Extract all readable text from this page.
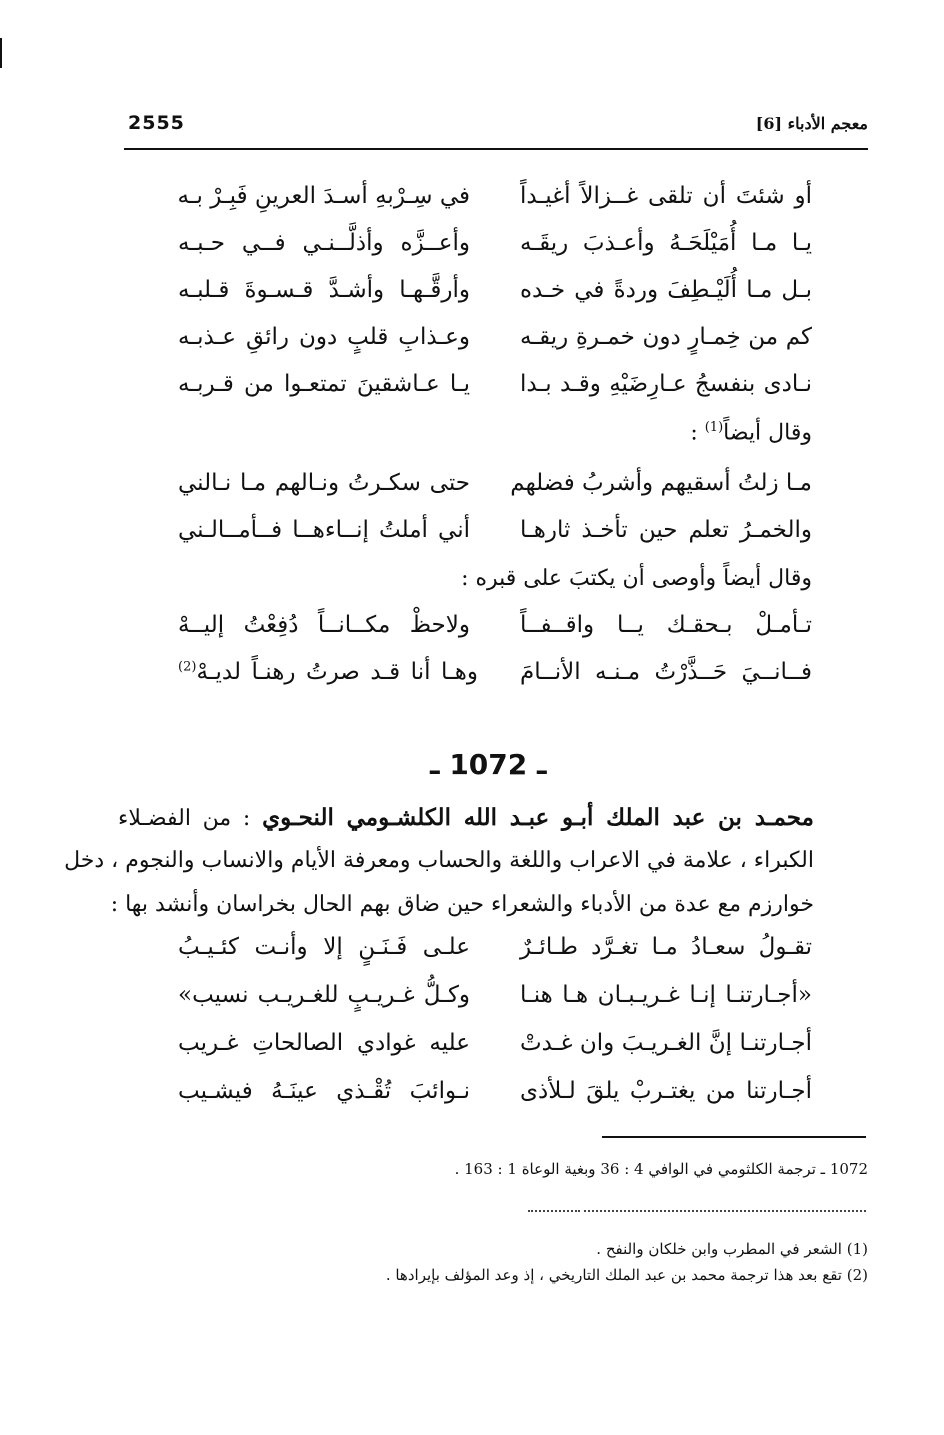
2555	معجم الأدباء [6]
أو شئتَ أن تلقى غــزالاً أغيـداً
في سِـرْبهِ أسـدَ العرينِ فَبِـرْ بـه
يـا مـا أُمَيْلَحَـهُ وأعـذبَ ريقَـه
وأعــزَّه وأذلَّــنـي فــي حـبـه
بـل مـا أُلَيْـطِفَ وردةً في خـده
وأرقَّـهـا وأشـدَّ قـسـوةَ قـلبـه
كم من خِمـارٍ دون خمـرةِ ريقـه
وعـذابِ قلبٍ دون رائقِ عـذبـه
نـادى بنفسجُ عـارِضَيْهِ وقـد بـدا
يـا عـاشقينَ تمتعـوا من قـربـه
وقال أيضاً$^{(1)}$ :
مـا زلتُ أسقيهم وأشربُ فضلهم
حتى سكـرتُ ونـالهم مـا نـالني
والخمـرُ تعلم حين تأخـذ ثارهـا
أني أملتُ إنــاءهــا فــأمــالـني
وقال أيضاً وأوصى أن يكتبَ على قبره :
تـأمـلْ بـحقـك يــا واقــفــاً
ولاحظْ مكــانــاً دُفِعْتُ إليــهْ
فــانــيَ حَــذَّرْتُ مـنـه الأنــامَ
وهـا أنا قـد صرتُ رهنـاً لديـهْ$^{(2)}$
ـ 1072 ـ
محمـد بن عبد الملك أبـو عبـد الله الكلشـومي النحـوي : من الفضـلاء
الكبراء ، علامة في الاعراب واللغة والحساب ومعرفة الأيام والانساب والنجوم ، دخل
خوارزم مع عدة من الأدباء والشعراء حين ضاق بهم الحال بخراسان وأنشد بها :
تقـولُ سعـادُ مـا تغـرَّد طـائـرٌ
علـى فَـنَـنٍ إلا وأنـت كئـيـبُ
«أجـارتنـا إنـا غـريـبـان هـا هنـا
وكـلُّ غـريـبٍ للغـريـب نسيب»
أجـارتنـا إنَّ الغـريـبَ وان غـدتْ
عليه غوادي الصالحاتِ غـريب
أجـارتنا من يغتـربْ يلقَ لـلأذى
نـوائبَ تُقْـذي عينَـهُ فيشـيب
1072 ـ ترجمة الكلثومي في الوافي 4 : 36 وبغية الوعاة 1 : 163 .
(1) الشعر في المطرب وابن خلكان والنفح .
(2) تقع بعد هذا ترجمة محمد بن عبد الملك التاريخي ، إذ وعد المؤلف بإيرادها .
